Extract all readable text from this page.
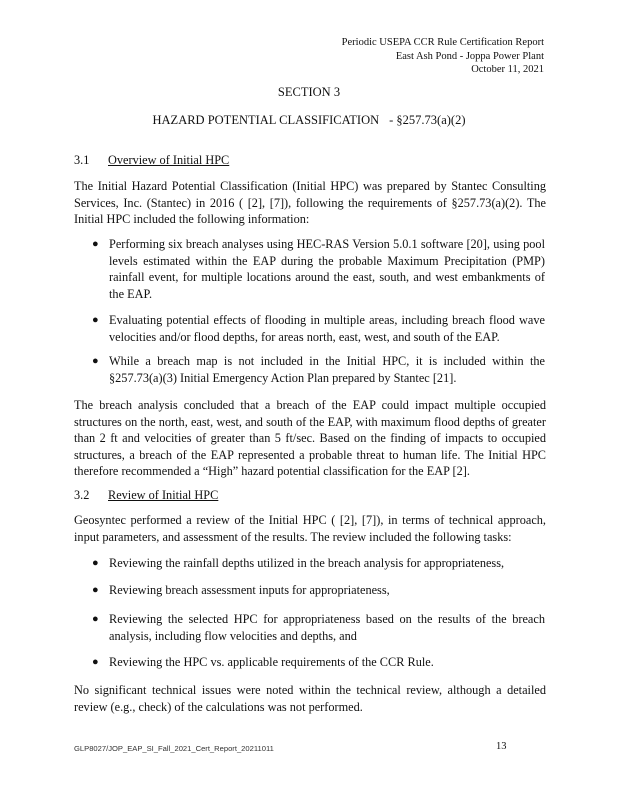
Periodic USEPA CCR Rule Certification Report
East Ash Pond - Joppa Power Plant
October 11, 2021
SECTION 3
HAZARD POTENTIAL CLASSIFICATION - §257.73(a)(2)
3.1 Overview of Initial HPC

The Initial Hazard Potential Classification (Initial HPC) was prepared by Stantec Consulting Services, Inc. (Stantec) in 2016 ( [2], [7]), following the requirements of §257.73(a)(2). The Initial HPC included the following information:

● Performing six breach analyses using HEC-RAS Version 5.0.1 software [20], using pool levels estimated within the EAP during the probable Maximum Precipitation (PMP) rainfall event, for multiple locations around the east, south, and west embankments of the EAP.
● Evaluating potential effects of flooding in multiple areas, including breach flood wave velocities and/or flood depths, for areas north, east, west, and south of the EAP.
● While a breach map is not included in the Initial HPC, it is included within the §257.73(a)(3) Initial Emergency Action Plan prepared by Stantec [21].

The breach analysis concluded that a breach of the EAP could impact multiple occupied structures on the north, east, west, and south of the EAP, with maximum flood depths of greater than 2 ft and velocities of greater than 5 ft/sec. Based on the finding of impacts to occupied structures, a breach of the EAP represented a probable threat to human life. The Initial HPC therefore recommended a “High” hazard potential classification for the EAP [2].

3.2 Review of Initial HPC

Geosyntec performed a review of the Initial HPC ( [2], [7]), in terms of technical approach, input parameters, and assessment of the results. The review included the following tasks:

● Reviewing the rainfall depths utilized in the breach analysis for appropriateness,
● Reviewing breach assessment inputs for appropriateness,
● Reviewing the selected HPC for appropriateness based on the results of the breach analysis, including flow velocities and depths, and
● Reviewing the HPC vs. applicable requirements of the CCR Rule.

No significant technical issues were noted within the technical review, although a detailed review (e.g., check) of the calculations was not performed.

GLP8027/JOP_EAP_SI_Fall_2021_Cert_Report_20211011	13
